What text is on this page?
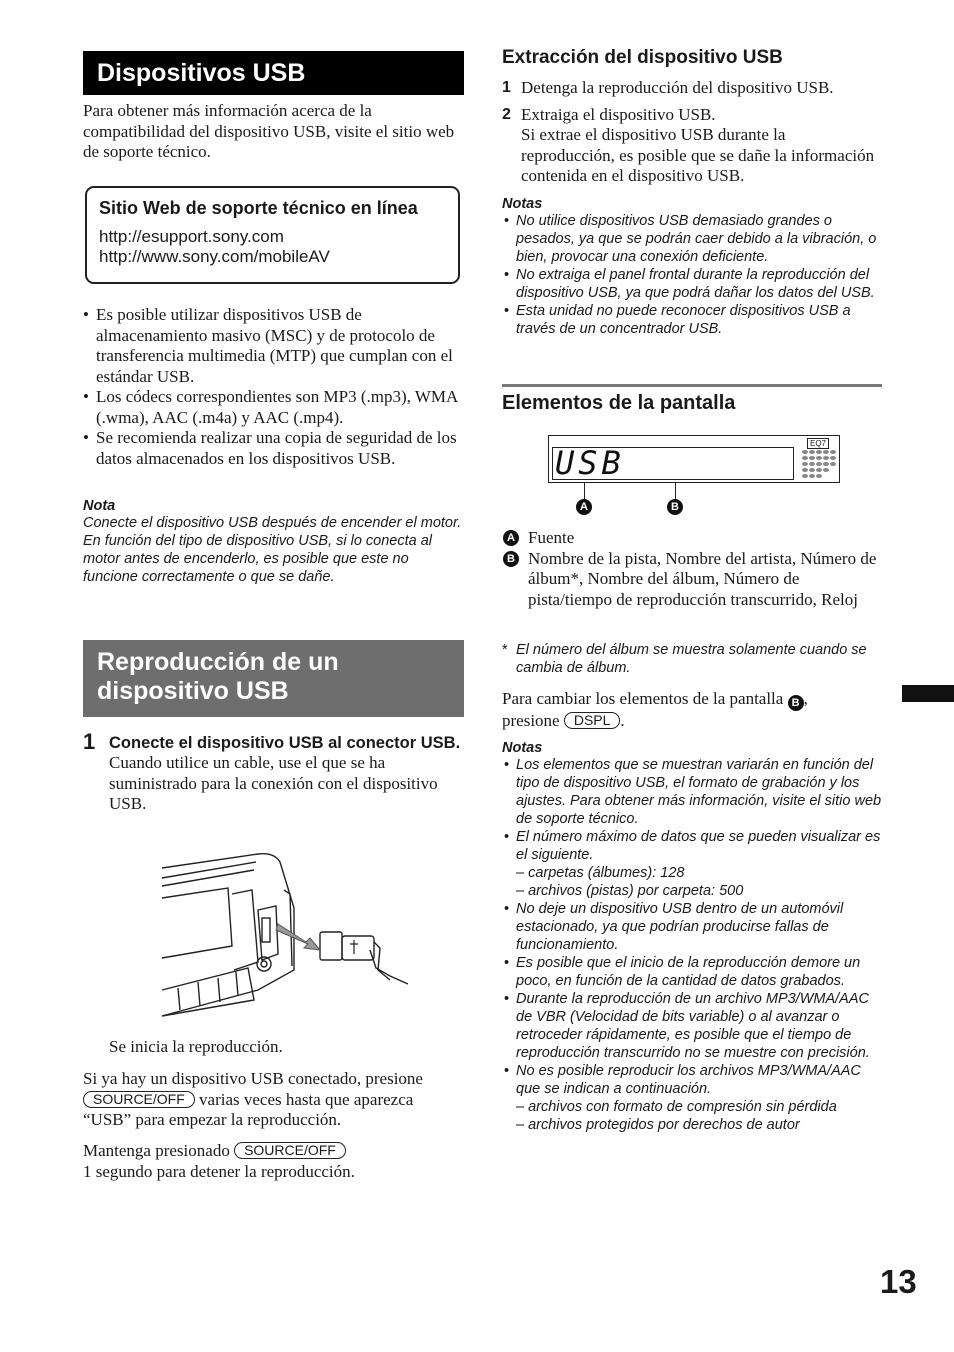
Dispositivos USB
Para obtener más información acerca de la compatibilidad del dispositivo USB, visite el sitio web de soporte técnico.
Sitio Web de soporte técnico en línea
http://esupport.sony.com
http://www.sony.com/mobileAV
• Es posible utilizar dispositivos USB de almacenamiento masivo (MSC) y de protocolo de transferencia multimedia (MTP) que cumplan con el estándar USB.
• Los códecs correspondientes son MP3 (.mp3), WMA (.wma), AAC (.m4a) y AAC (.mp4).
• Se recomienda realizar una copia de seguridad de los datos almacenados en los dispositivos USB.
Nota
Conecte el dispositivo USB después de encender el motor.
En función del tipo de dispositivo USB, si lo conecta al motor antes de encenderlo, es posible que este no funcione correctamente o que se dañe.
Reproducción de un dispositivo USB
1 Conecte el dispositivo USB al conector USB.
Cuando utilice un cable, use el que se ha suministrado para la conexión con el dispositivo USB.
Se inicia la reproducción.
Si ya hay un dispositivo USB conectado, presione SOURCE/OFF varias veces hasta que aparezca “USB” para empezar la reproducción.
Mantenga presionado SOURCE/OFF
1 segundo para detener la reproducción.
Extracción del dispositivo USB
1 Detenga la reproducción del dispositivo USB.
2 Extraiga el dispositivo USB.
Si extrae el dispositivo USB durante la reproducción, es posible que se dañe la información contenida en el dispositivo USB.
Notas
• No utilice dispositivos USB demasiado grandes o pesados, ya que se podrán caer debido a la vibración, o bien, provocar una conexión deficiente.
• No extraiga el panel frontal durante la reproducción del dispositivo USB, ya que podrá dañar los datos del USB.
• Esta unidad no puede reconocer dispositivos USB a través de un concentrador USB.
Elementos de la pantalla
USB
EQ7
A	B
A Fuente
B Nombre de la pista, Nombre del artista, Número de álbum*, Nombre del álbum, Número de pista/tiempo de reproducción transcurrido, Reloj
* El número del álbum se muestra solamente cuando se cambia de álbum.
Para cambiar los elementos de la pantalla B ,
presione DSPL .
Notas
• Los elementos que se muestran variarán en función del tipo de dispositivo USB, el formato de grabación y los ajustes. Para obtener más información, visite el sitio web de soporte técnico.
• El número máximo de datos que se pueden visualizar es el siguiente.
– carpetas (álbumes): 128
– archivos (pistas) por carpeta: 500
• No deje un dispositivo USB dentro de un automóvil estacionado, ya que podrían producirse fallas de funcionamiento.
• Es posible que el inicio de la reproducción demore un poco, en función de la cantidad de datos grabados.
• Durante la reproducción de un archivo MP3/WMA/AAC de VBR (Velocidad de bits variable) o al avanzar o retroceder rápidamente, es posible que el tiempo de reproducción transcurrido no se muestre con precisión.
• No es posible reproducir los archivos MP3/WMA/AAC que se indican a continuación.
– archivos con formato de compresión sin pérdida
– archivos protegidos por derechos de autor
13
